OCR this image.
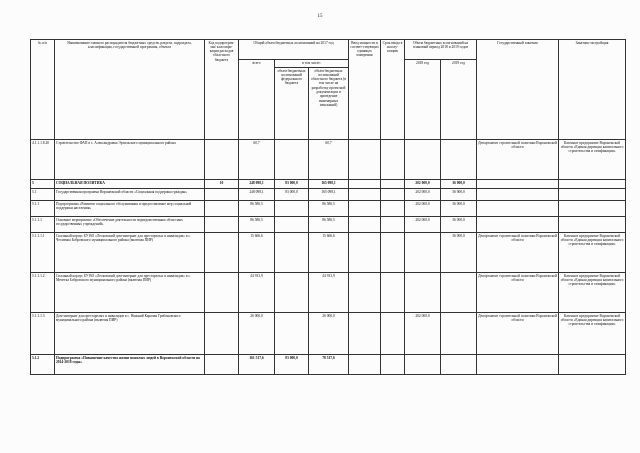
15
№ п/п	Наименование главного распорядителя бюджетных средств, раздела, подраздела, классификации, государственной программы, объекта	Код подпрограм-мы/ классифи-кации расходов областного бюджета	Общий объем бюджетных ассигнований на 2017 год			Ввод мощности в соответ-ствующих единицах измерения	Срок ввода в эксплу-атацию	Объем бюджетных ассигнований на плановый период 2018 и 2019 годов		Государственный заказчик	Заказчик-застройщик
			всего	в том числе:				2018 год	2019 год		
				объем бюджетных ассигнований федерального бюджета	объем бюджетных ассигнований областного бюджета (в том числе на разработку проектной документации и проведение инженерных изысканий)						
4.1.1.1.8.20	Строительство ФАП в с. Александровка Эртильского муниципального района		60,7		60,7					Департамент строительной политики Воронежской области	Казенное предприятие Воронежской области «Единая дирекция капитального строительства и газификации»
5	СОЦИАЛЬНАЯ ПОЛИТИКА	10	248 098,1	83 000,0	165 098,1			202 000,0	36 000,0		
5.1	Государственная программа Воронежской области «Социальная поддержка граждан»		248 098,1	83 000,0	165 098,1			202 000,0	36 000,0		
5.1.1	Подпрограмма «Развитие социального обслуживания и предоставление мер социальной поддержки населения»		86 580,5		86 580,5			202 000,0	36 000,0		
5.1.1.1	Основное мероприятие «Обеспечение деятельности подведомственных областных государственных учреждений»		86 580,5		86 580,5			202 000,0	36 000,0		
5.1.1.1.1	Спальный корпус БУ ВО «Лесковский дом-интернат для престарелых и инвалидов» в с. Чесменка Бобровского муниципального района (включая ПИР)		15 666,6		15 666,6				36 000,0	Департамент строительной политики Воронежской области	Казенное предприятие Воронежской области «Единая дирекция капитального строительства и газификации»
5.1.1.1.2	Спальный корпус БУ ВО «Лесковский дом-интернат для престарелых и инвалидов» в с. Мечетка Бобровского муниципального района (включая ПИР)		44 913,9		44 913,9					Департамент строительной политики Воронежской области	Казенное предприятие Воронежской области «Единая дирекция капитального строительства и газификации»
5.1.1.1.3	Дом-интернат для престарелых и инвалидов в с. Нижний Карачан Грибановского муниципального района (включая ПИР)		26 000,0		26 000,0			202 000,0		Департамент строительной политики Воронежской области	Казенное предприятие Воронежской области «Единая дирекция капитального строительства и газификации»
5.1.2	Подпрограмма «Повышение качества жизни пожилых людей в Воронежской области на 2014-2018 годы»		161 517,6	83 000,0	78 517,6						
